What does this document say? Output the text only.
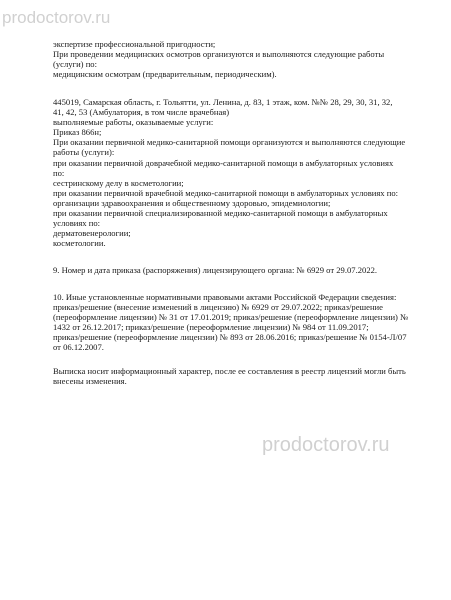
экспертизе профессиональной пригодности;
При проведении медицинских осмотров организуются и выполняются следующие работы
(услуги) по:
медицинским осмотрам (предварительным, периодическим).

445019, Самарская область, г. Тольятти, ул. Ленина, д. 83, 1 этаж, ком. №№ 28, 29, 30, 31, 32,
41, 42, 53 (Амбулатория, в том числе врачебная)
выполняемые работы, оказываемые услуги:
Приказ 866н;
При оказании первичной медико-санитарной помощи организуются и выполняются следующие
работы (услуги):
при оказании первичной доврачебной медико-санитарной помощи в амбулаторных условиях
по:
сестринскому делу в косметологии;
при оказании первичной врачебной медико-санитарной помощи в амбулаторных условиях по:
организации здравоохранения и общественному здоровью, эпидемиологии;
при оказании первичной специализированной медико-санитарной помощи в амбулаторных
условиях по:
дерматовенерологии;
косметологии.

9. Номер и дата приказа (распоряжения) лицензирующего органа: № 6929 от 29.07.2022.

10. Иные установленные нормативными правовыми актами Российской Федерации сведения:
приказ/решение (внесение изменений в лицензию) № 6929 от 29.07.2022; приказ/решение
(переоформление лицензии) № 31 от 17.01.2019; приказ/решение (переоформление лицензии) №
1432 от 26.12.2017; приказ/решение (переоформление лицензии) № 984 от 11.09.2017;
приказ/решение (переоформление лицензии) № 893 от 28.06.2016; приказ/решение № 0154-Л/07
от 06.12.2007.

Выписка носит информационный характер, после ее составления в реестр лицензий могли быть
внесены изменения.

prodoctorov.ru
prodoctorov.ru
